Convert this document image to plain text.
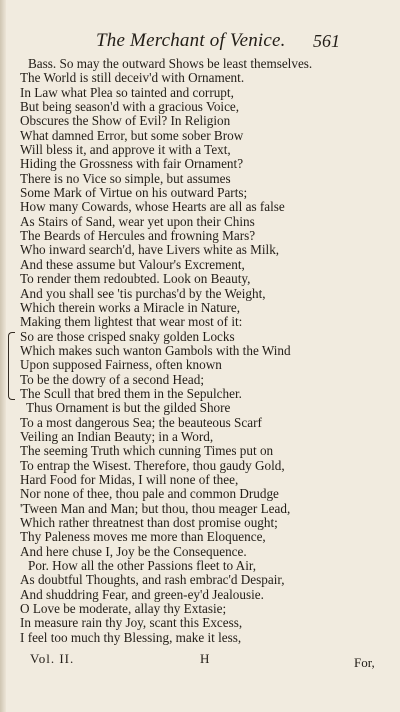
The Merchant of Venice. 561
Bass. So may the outward Shows be least themselves.
The World is still deceiv'd with Ornament.
In Law what Plea so tainted and corrupt,
But being season'd with a gracious Voice,
Obscures the Show of Evil? In Religion
What damned Error, but some sober Brow
Will bless it, and approve it with a Text,
Hiding the Grossness with fair Ornament?
There is no Vice so simple, but assumes
Some Mark of Virtue on his outward Parts;
How many Cowards, whose Hearts are all as false
As Stairs of Sand, wear yet upon their Chins
The Beards of Hercules and frowning Mars?
Who inward search'd, have Livers white as Milk,
And these assume but Valour's Excrement,
To render them redoubted. Look on Beauty,
And you shall see 'tis purchas'd by the Weight,
Which therein works a Miracle in Nature,
Making them lightest that wear most of it:
So are those crisped snaky golden Locks
Which makes such wanton Gambols with the Wind
Upon supposed Fairness, often known
To be the dowry of a second Head;
The Scull that bred them in the Sepulcher.
Thus Ornament is but the gilded Shore
To a most dangerous Sea; the beauteous Scarf
Veiling an Indian Beauty; in a Word,
The seeming Truth which cunning Times put on
To entrap the Wisest. Therefore, thou gaudy Gold,
Hard Food for Midas, I will none of thee,
Nor none of thee, thou pale and common Drudge
'Tween Man and Man; but thou, thou meager Lead,
Which rather threatnest than dost promise ought;
Thy Paleness moves me more than Eloquence,
And here chuse I, Joy be the Consequence.
Por. How all the other Passions fleet to Air,
As doubtful Thoughts, and rash embrac'd Despair,
And shuddring Fear, and green-ey'd Jealousie.
O Love be moderate, allay thy Extasie;
In measure rain thy Joy, scant this Excess,
I feel too much thy Blessing, make it less,
Vol. II.	H	For,
